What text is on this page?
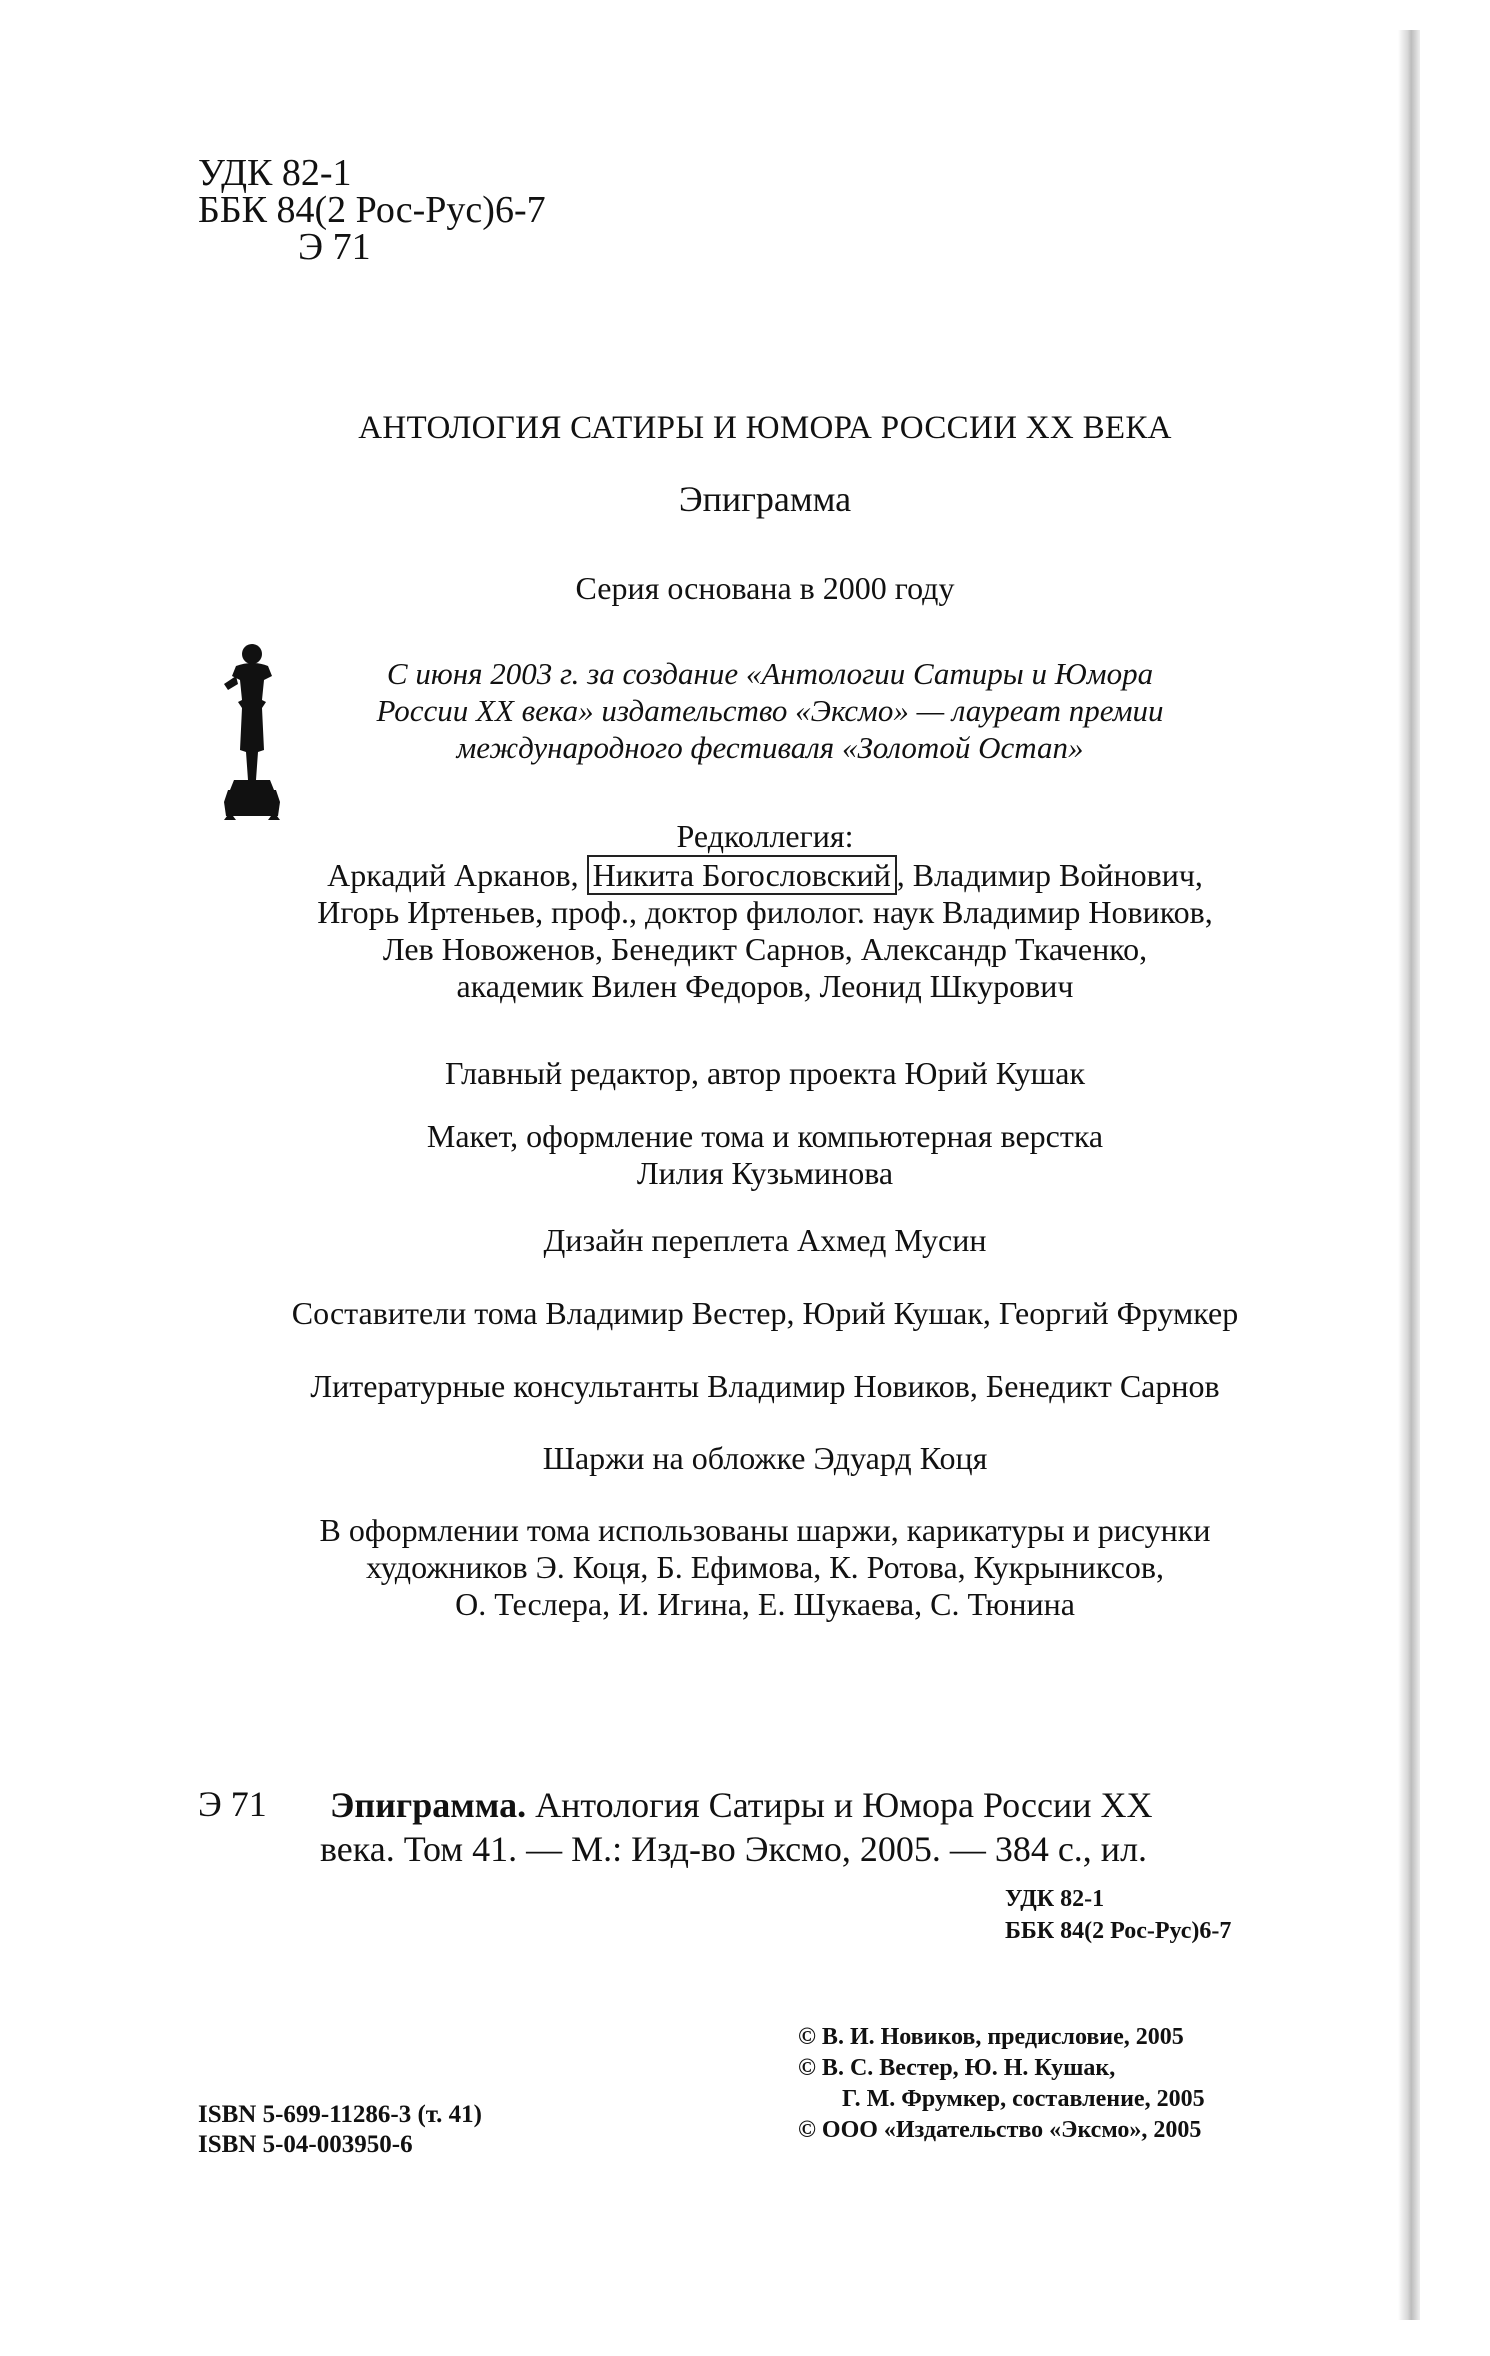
УДК 82-1
ББК 84(2 Рос-Рус)6-7
Э 71
АНТОЛОГИЯ САТИРЫ И ЮМОРА РОССИИ XX ВЕКА
Эпиграмма
Серия основана в 2000 году
С июня 2003 г. за создание «Антологии Сатиры и Юмора
России XX века» издательство «Эксмо» — лауреат премии
международного фестиваля «Золотой Остап»
Редколлегия:
Аркадий Арканов, Никита Богословский , Владимир Войнович,
Игорь Иртеньев, проф., доктор филолог. наук Владимир Новиков,
Лев Новоженов, Бенедикт Сарнов, Александр Ткаченко,
академик Вилен Федоров, Леонид Шкурович
Главный редактор, автор проекта Юрий Кушак
Макет, оформление тома и компьютерная верстка
Лилия Кузьминова
Дизайн переплета Ахмед Мусин
Составители тома Владимир Вестер, Юрий Кушак, Георгий Фрумкер
Литературные консультанты Владимир Новиков, Бенедикт Сарнов
Шаржи на обложке Эдуард Коця
В оформлении тома использованы шаржи, карикатуры и рисунки
художников Э. Коця, Б. Ефимова, К. Ротова, Кукрыниксов,
О. Теслера, И. Игина, Е. Шукаева, С. Тюнина
Э 71 Эпиграмма. Антология Сатиры и Юмора России XX
века. Том 41. — М.: Изд-во Эксмо, 2005. — 384 с., ил.
УДК 82-1
ББК 84(2 Рос-Рус)6-7
ISBN 5-699-11286-3 (т. 41)
ISBN 5-04-003950-6
© В. И. Новиков, предисловие, 2005
© В. С. Вестер, Ю. Н. Кушак,
Г. М. Фрумкер, составление, 2005
© ООО «Издательство «Эксмо», 2005
